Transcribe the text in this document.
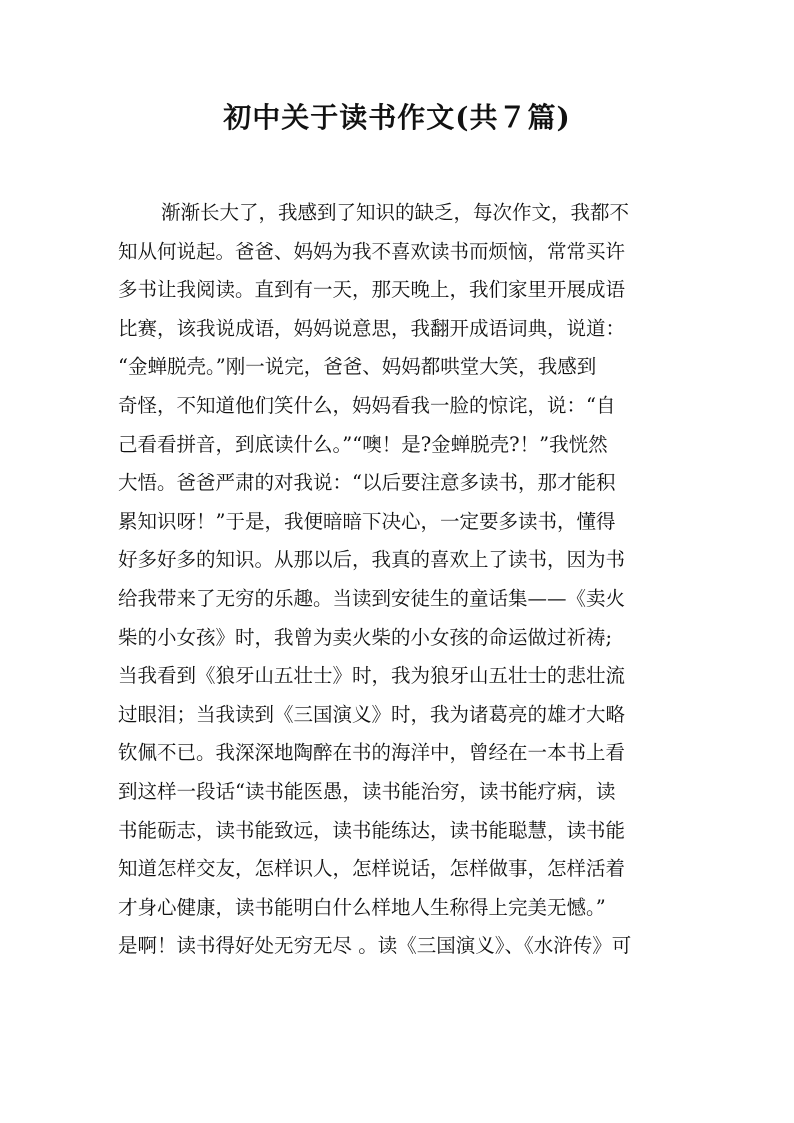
初中关于读书作文(共７篇)
渐渐长大了，我感到了知识的缺乏，每次作文，我都不
知从何说起。爸爸、妈妈为我不喜欢读书而烦恼，常常买许
多书让我阅读。直到有一天，那天晚上，我们家里开展成语
比赛，该我说成语，妈妈说意思，我翻开成语词典，说道：
“金蝉脱壳。”刚一说完，爸爸、妈妈都哄堂大笑，我感到
奇怪，不知道他们笑什么，妈妈看我一脸的惊诧，说：“自
己看看拼音，到底读什么。”“噢！是?金蝉脱壳?！”我恍然
大悟。爸爸严肃的对我说：“以后要注意多读书，那才能积
累知识呀！”于是，我便暗暗下决心，一定要多读书，懂得
好多好多的知识。从那以后，我真的喜欢上了读书，因为书
给我带来了无穷的乐趣。当读到安徒生的童话集——《卖火
柴的小女孩》时，我曾为卖火柴的小女孩的命运做过祈祷;
当我看到《狼牙山五壮士》时，我为狼牙山五壮士的悲壮流
过眼泪；当我读到《三国演义》时，我为诸葛亮的雄才大略
钦佩不已。我深深地陶醉在书的海洋中，曾经在一本书上看
到这样一段话“读书能医愚，读书能治穷，读书能疗病，读
书能砺志，读书能致远，读书能练达，读书能聪慧，读书能
知道怎样交友，怎样识人，怎样说话，怎样做事，怎样活着
才身心健康，读书能明白什么样地人生称得上完美无憾。”
是啊！读书得好处无穷无尽 。读《三国演义》、《水浒传》可
